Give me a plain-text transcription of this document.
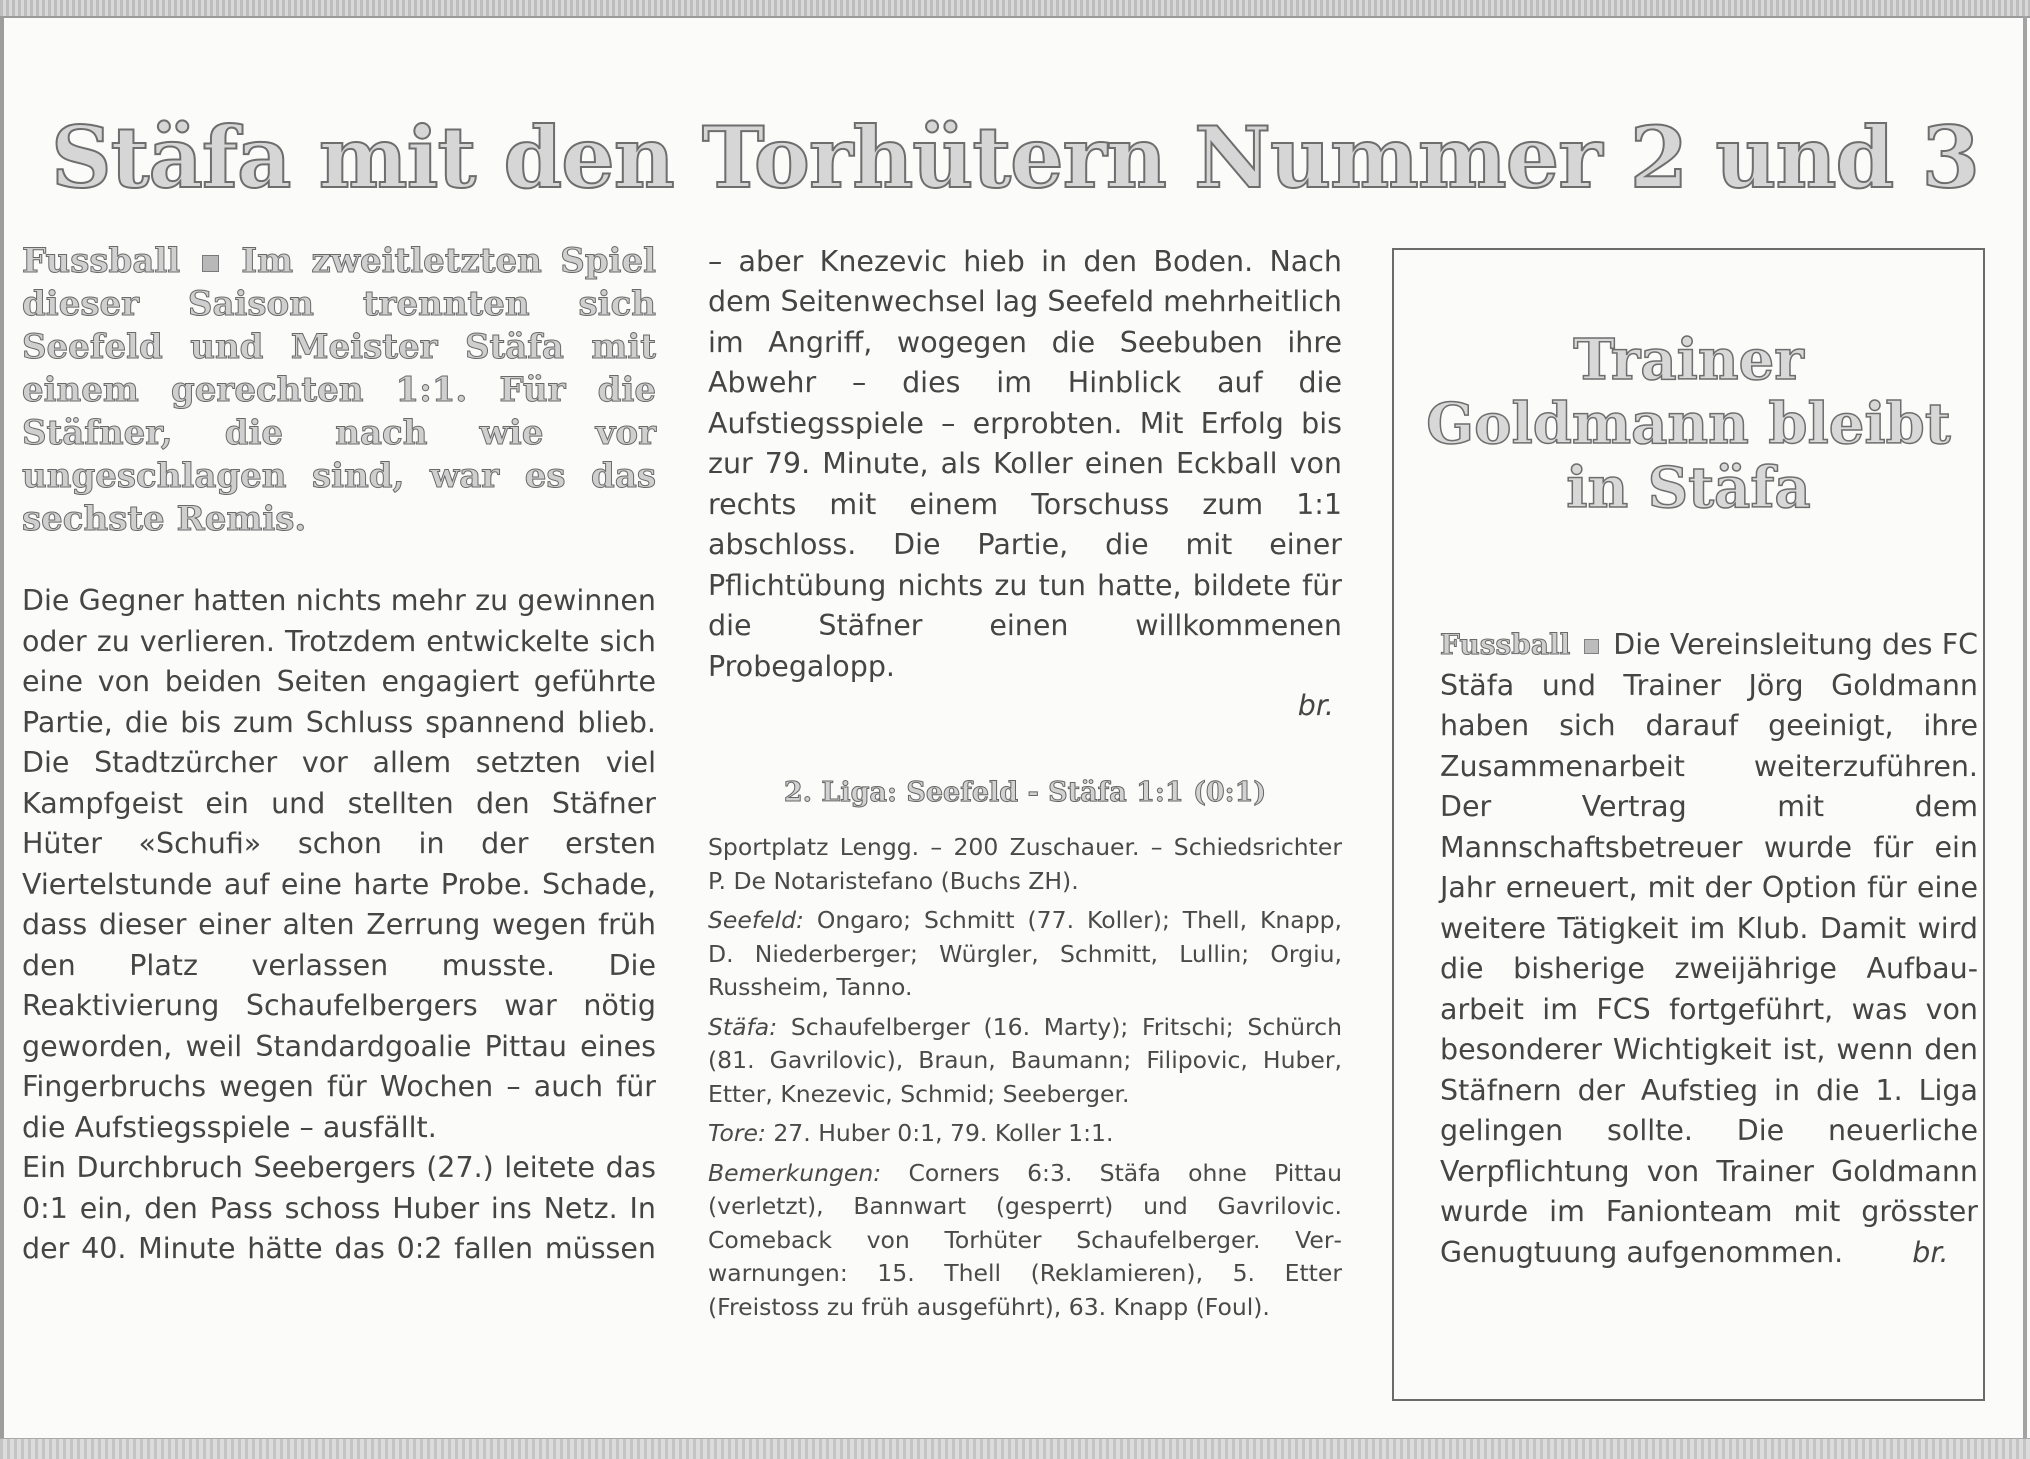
Stäfa mit den Torhütern Nummer 2 und 3

Fussball Im zweitletzten Spiel dieser Saison trennten sich Seefeld und Meister Stäfa mit einem gerechten 1:1. Für die Stäfner, die nach wie vor ungeschlagen sind, war es das sechste Remis.

Die Gegner hatten nichts mehr zu gewinnen oder zu verlieren. Trotzdem entwickelte sich eine von beiden Seiten engagiert geführte Partie, die bis zum Schluss spannend blieb. Die Stadtzürcher vor allem setzten viel Kampfgeist ein und stellten den Stäfner Hüter «Schufi» schon in der ersten Viertelstunde auf eine harte Probe. Schade, dass dieser einer alten Zerrung wegen früh den Platz verlassen musste. Die Reaktivierung Schaufelbergers war nötig geworden, weil Standardgoalie Pittau eines Fingerbruchs wegen für Wochen – auch für die Aufstiegsspiele – ausfällt.

Ein Durchbruch Seebergers (27.) leitete das 0:1 ein, den Pass schoss Huber ins Netz. In der 40. Minute hätte das 0:2 fallen müssen

– aber Knezevic hieb in den Boden. Nach dem Seitenwechsel lag Seefeld mehrheitlich im Angriff, wogegen die Seebuben ihre Abwehr – dies im Hinblick auf die Aufstiegsspiele – erprobten. Mit Erfolg bis zur 79. Minute, als Koller einen Eckball von rechts mit einem Torschuss zum 1:1 abschloss. Die Partie, die mit einer Pflichtübung nichts zu tun hatte, bildete für die Stäfner einen willkommenen Probegalopp.

br.

2. Liga: Seefeld - Stäfa 1:1 (0:1)

Sportplatz Lengg. – 200 Zuschauer. – Schiedsrichter P. De Notaristefano (Buchs ZH).

Seefeld: Ongaro; Schmitt (77. Koller); Thell, Knapp, D. Niederberger; Würgler, Schmitt, Lullin; Orgiu, Russheim, Tanno.

Stäfa: Schaufelberger (16. Marty); Fritschi; Schürch (81. Gavrilovic), Braun, Baumann; Filipovic, Huber, Etter, Knezevic, Schmid; Seeberger.

Tore: 27. Huber 0:1, 79. Koller 1:1.

Bemerkungen: Corners 6:3. Stäfa ohne Pittau (verletzt), Bannwart (gesperrt) und Gavrilovic. Comeback von Torhüter Schaufelberger. Verwarnungen: 15. Thell (Reklamieren), 5. Etter (Freistoss zu früh ausgeführt), 63. Knapp (Foul).

Trainer
Goldmann bleibt
in Stäfa

Fussball Die Vereinsleitung des FC Stäfa und Trainer Jörg Goldmann haben sich darauf geeinigt, ihre Zusammenarbeit weiterzuführen. Der Vertrag mit dem Mannschaftsbetreuer wurde für ein Jahr erneuert, mit der Option für eine weitere Tätigkeit im Klub. Damit wird die bisherige zweijährige Aufbauarbeit im FCS fortgeführt, was von besonderer Wichtigkeit ist, wenn den Stäfnern der Aufstieg in die 1. Liga gelingen sollte. Die neuerliche Verpflichtung von Trainer Goldmann wurde im Fanionteam mit grösster Genugtuung aufgenommen. br.
